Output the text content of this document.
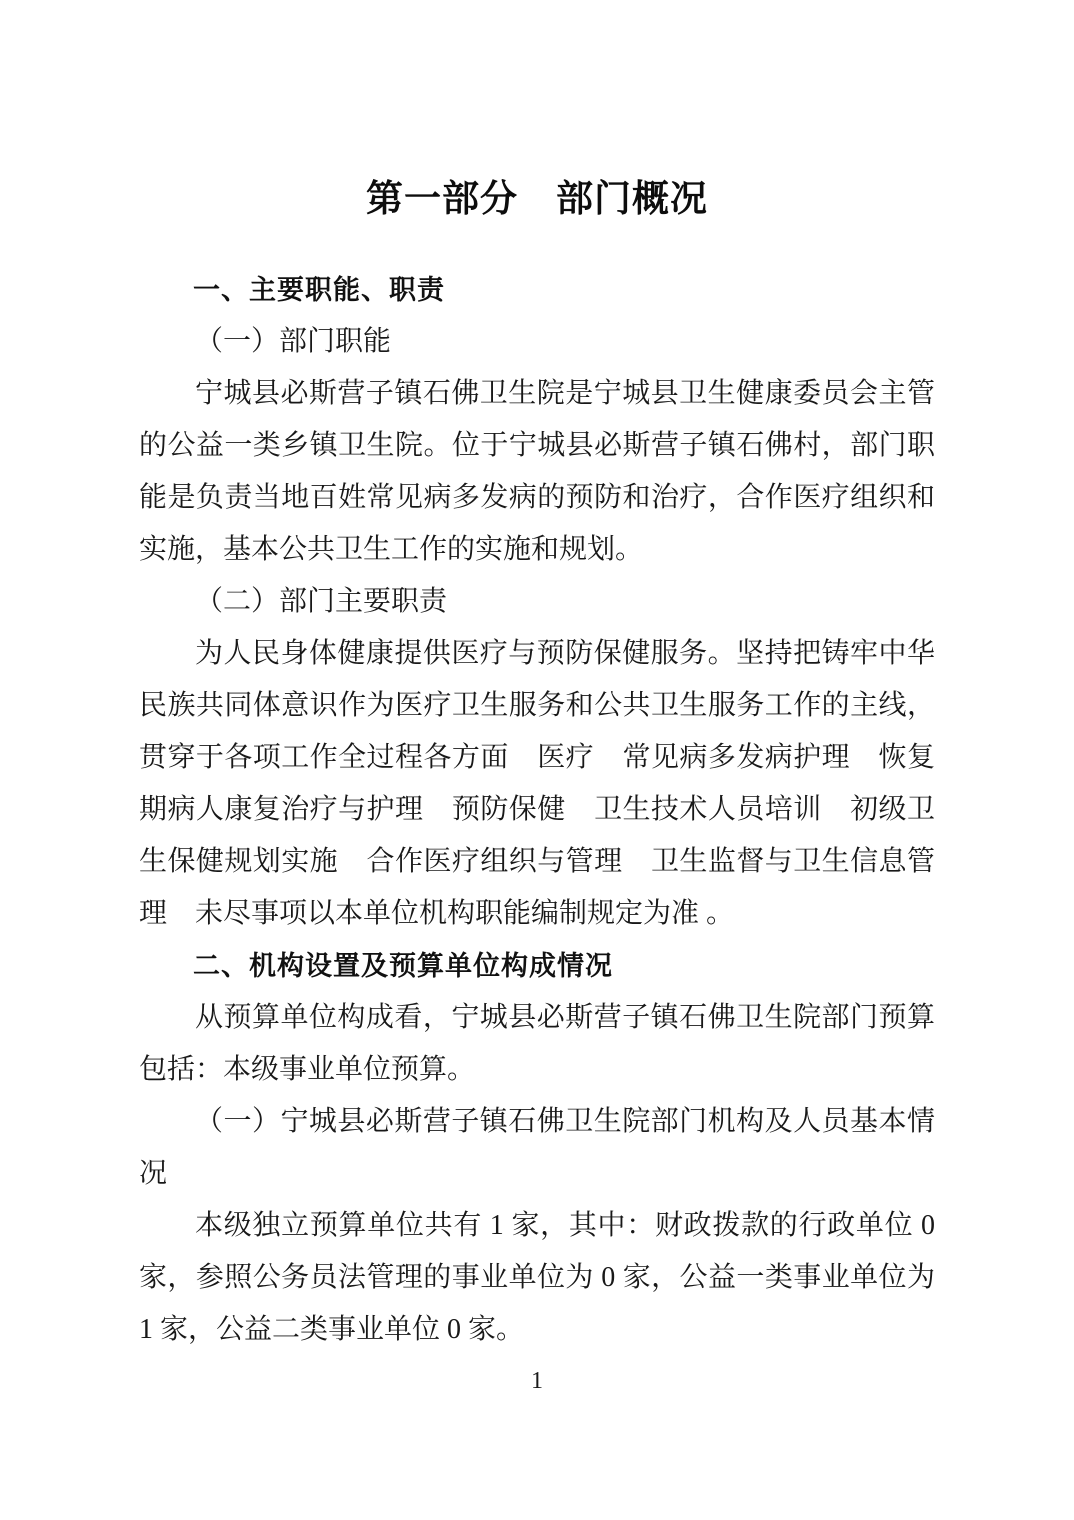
第一部分　部门概况
一、主要职能、职责

（一）部门职能

宁城县必斯营子镇石佛卫生院是宁城县卫生健康委员会主管的公益一类乡镇卫生院。位于宁城县必斯营子镇石佛村，部门职能是负责当地百姓常见病多发病的预防和治疗，合作医疗组织和实施，基本公共卫生工作的实施和规划。

（二）部门主要职责

为人民身体健康提供医疗与预防保健服务。坚持把铸牢中华民族共同体意识作为医疗卫生服务和公共卫生服务工作的主线，贯穿于各项工作全过程各方面　医疗　常见病多发病护理　恢复期病人康复治疗与护理　预防保健　卫生技术人员培训　初级卫生保健规划实施　合作医疗组织与管理　卫生监督与卫生信息管理　未尽事项以本单位机构职能编制规定为准 。

二、机构设置及预算单位构成情况

从预算单位构成看，宁城县必斯营子镇石佛卫生院部门预算包括：本级事业单位预算。

（一）宁城县必斯营子镇石佛卫生院部门机构及人员基本情况

本级独立预算单位共有 1 家，其中：财政拨款的行政单位 0 家，参照公务员法管理的事业单位为 0 家，公益一类事业单位为 1 家，公益二类事业单位 0 家。

1
